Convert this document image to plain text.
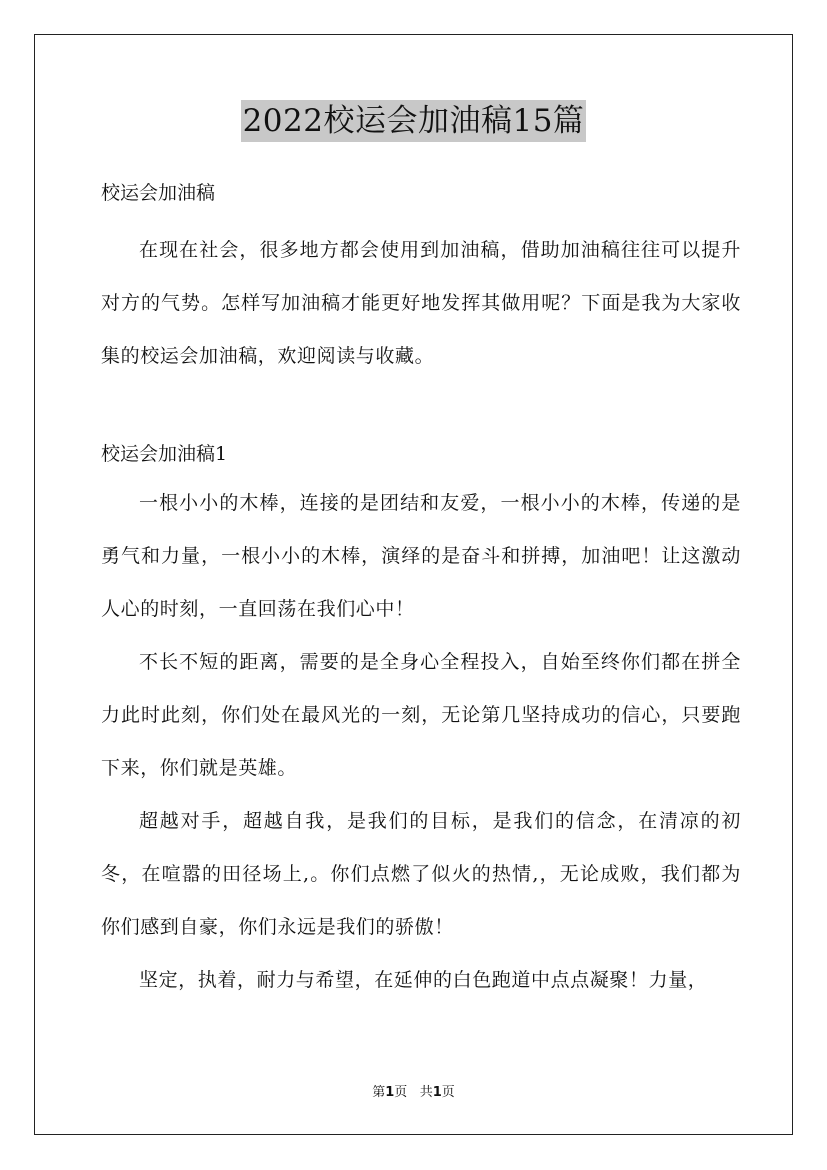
2022校运会加油稿15篇

校运会加油稿

在现在社会，很多地方都会使用到加油稿，借助加油稿往往可以提升对方的气势。怎样写加油稿才能更好地发挥其做用呢？下面是我为大家收集的校运会加油稿，欢迎阅读与收藏。

校运会加油稿1

一根小小的木棒，连接的是团结和友爱，一根小小的木棒，传递的是勇气和力量，一根小小的木棒，演绎的是奋斗和拼搏，加油吧！让这激动人心的时刻，一直回荡在我们心中！

不长不短的距离，需要的是全身心全程投入，自始至终你们都在拼全力此时此刻，你们处在最风光的一刻，无论第几坚持成功的信心，只要跑下来，你们就是英雄。

超越对手，超越自我，是我们的目标，是我们的信念，在清凉的初冬，在喧嚣的田径场上,。你们点燃了似火的热情,，无论成败，我们都为你们感到自豪，你们永远是我们的骄傲！

坚定，执着，耐力与希望，在延伸的白色跑道中点点凝聚！力量，

第1页   共1页
